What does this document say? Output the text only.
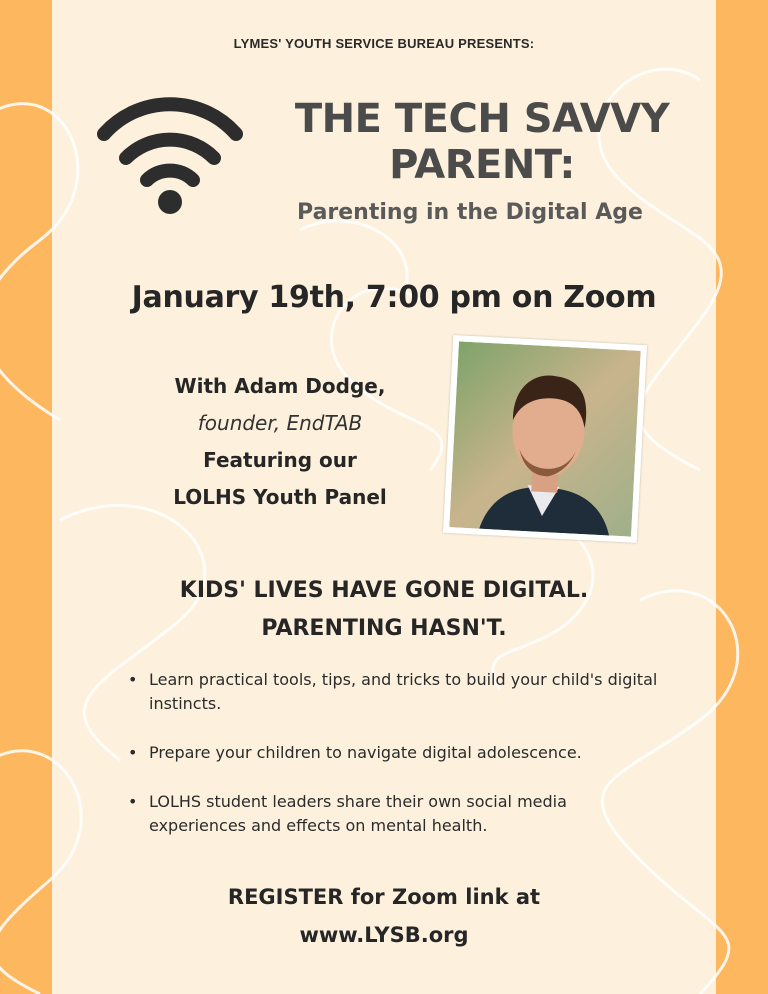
LYMES' YOUTH SERVICE BUREAU PRESENTS:
THE TECH SAVVY
PARENT:
Parenting in the Digital Age
January 19th, 7:00 pm on Zoom
With Adam Dodge,
founder, EndTAB
Featuring our
LOLHS Youth Panel
KIDS' LIVES HAVE GONE DIGITAL.
PARENTING HASN'T.
• Learn practical tools, tips, and tricks to build your child's digital instincts.
• Prepare your children to navigate digital adolescence.
• LOLHS student leaders share their own social media experiences and effects on mental health.
REGISTER for Zoom link at
www.LYSB.org
